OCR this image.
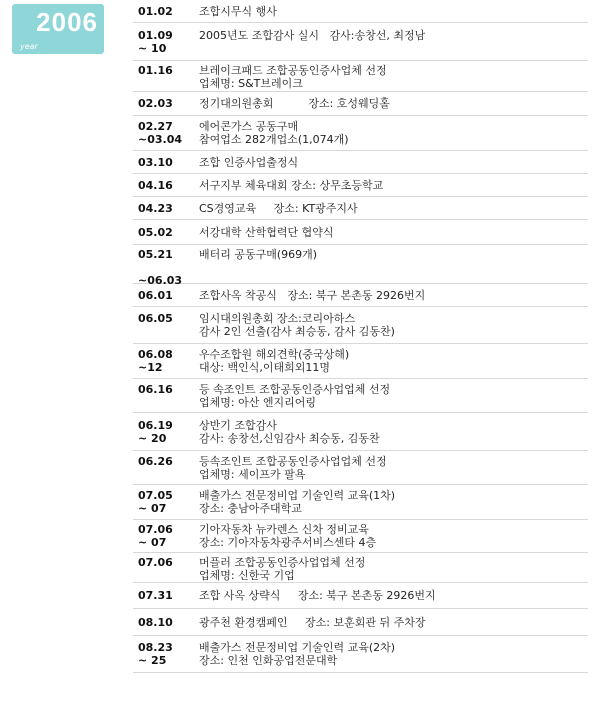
2006
year
01.02 조합시무식 행사
01.09
~ 10
2005년도 조합감사 실시   감사:송창선, 최정남
01.16 브레이크패드 조합공동인증사업체 선정
업체명: S&T브레이크
02.03 정기대의원총회          장소: 호성웨딩홀
02.27
~03.04
에어콘가스 공동구매
참여업소 282개업소(1,074개)
03.10 조합 인증사업출정식
04.16 서구지부 체육대회 장소: 상무초등학교
04.23 CS경영교육     장소: KT광주지사
05.02 서강대학 산학협력단 협약식
05.21

~06.03
배터리 공동구매(969개)
06.01 조합사옥 착공식   장소: 북구 본촌동 2926번지
06.05 임시대의원총회 장소:코리아하스
감사 2인 선출(감사 최승동, 감사 김동찬)
06.08
~12
우수조합원 해외견학(중국상해)
대상: 백인식,이태희외11명
06.16 등 속조인트 조합공동인증사업업체 선정
업체명: 아산 엔지리어링
06.19
~ 20
상반기 조합감사
감사: 송창선,신임감사 최승동, 김동찬
06.26 등속조인트 조합공동인증사업업체 선정
업체명: 세이프카 팔욕
07.05
~ 07
배출가스 전문정비업 기술인력 교육(1차)
장소: 충남아주대학교
07.06
~ 07
기아자동차 뉴카렌스 신차 정비교육
장소: 기아자동차광주서비스센타 4층
07.06 머플러 조합공동인증사업업체 선정
업체명: 신한국 기업
07.31 조합 사옥 상략식     장소: 북구 본촌동 2926번지
08.10 광주천 환경캠페인     장소: 보훈회관 뒤 주차장
08.23
~ 25
배출가스 전문정비업 기술인력 교육(2차)
장소: 인천 인화공업전문대학
